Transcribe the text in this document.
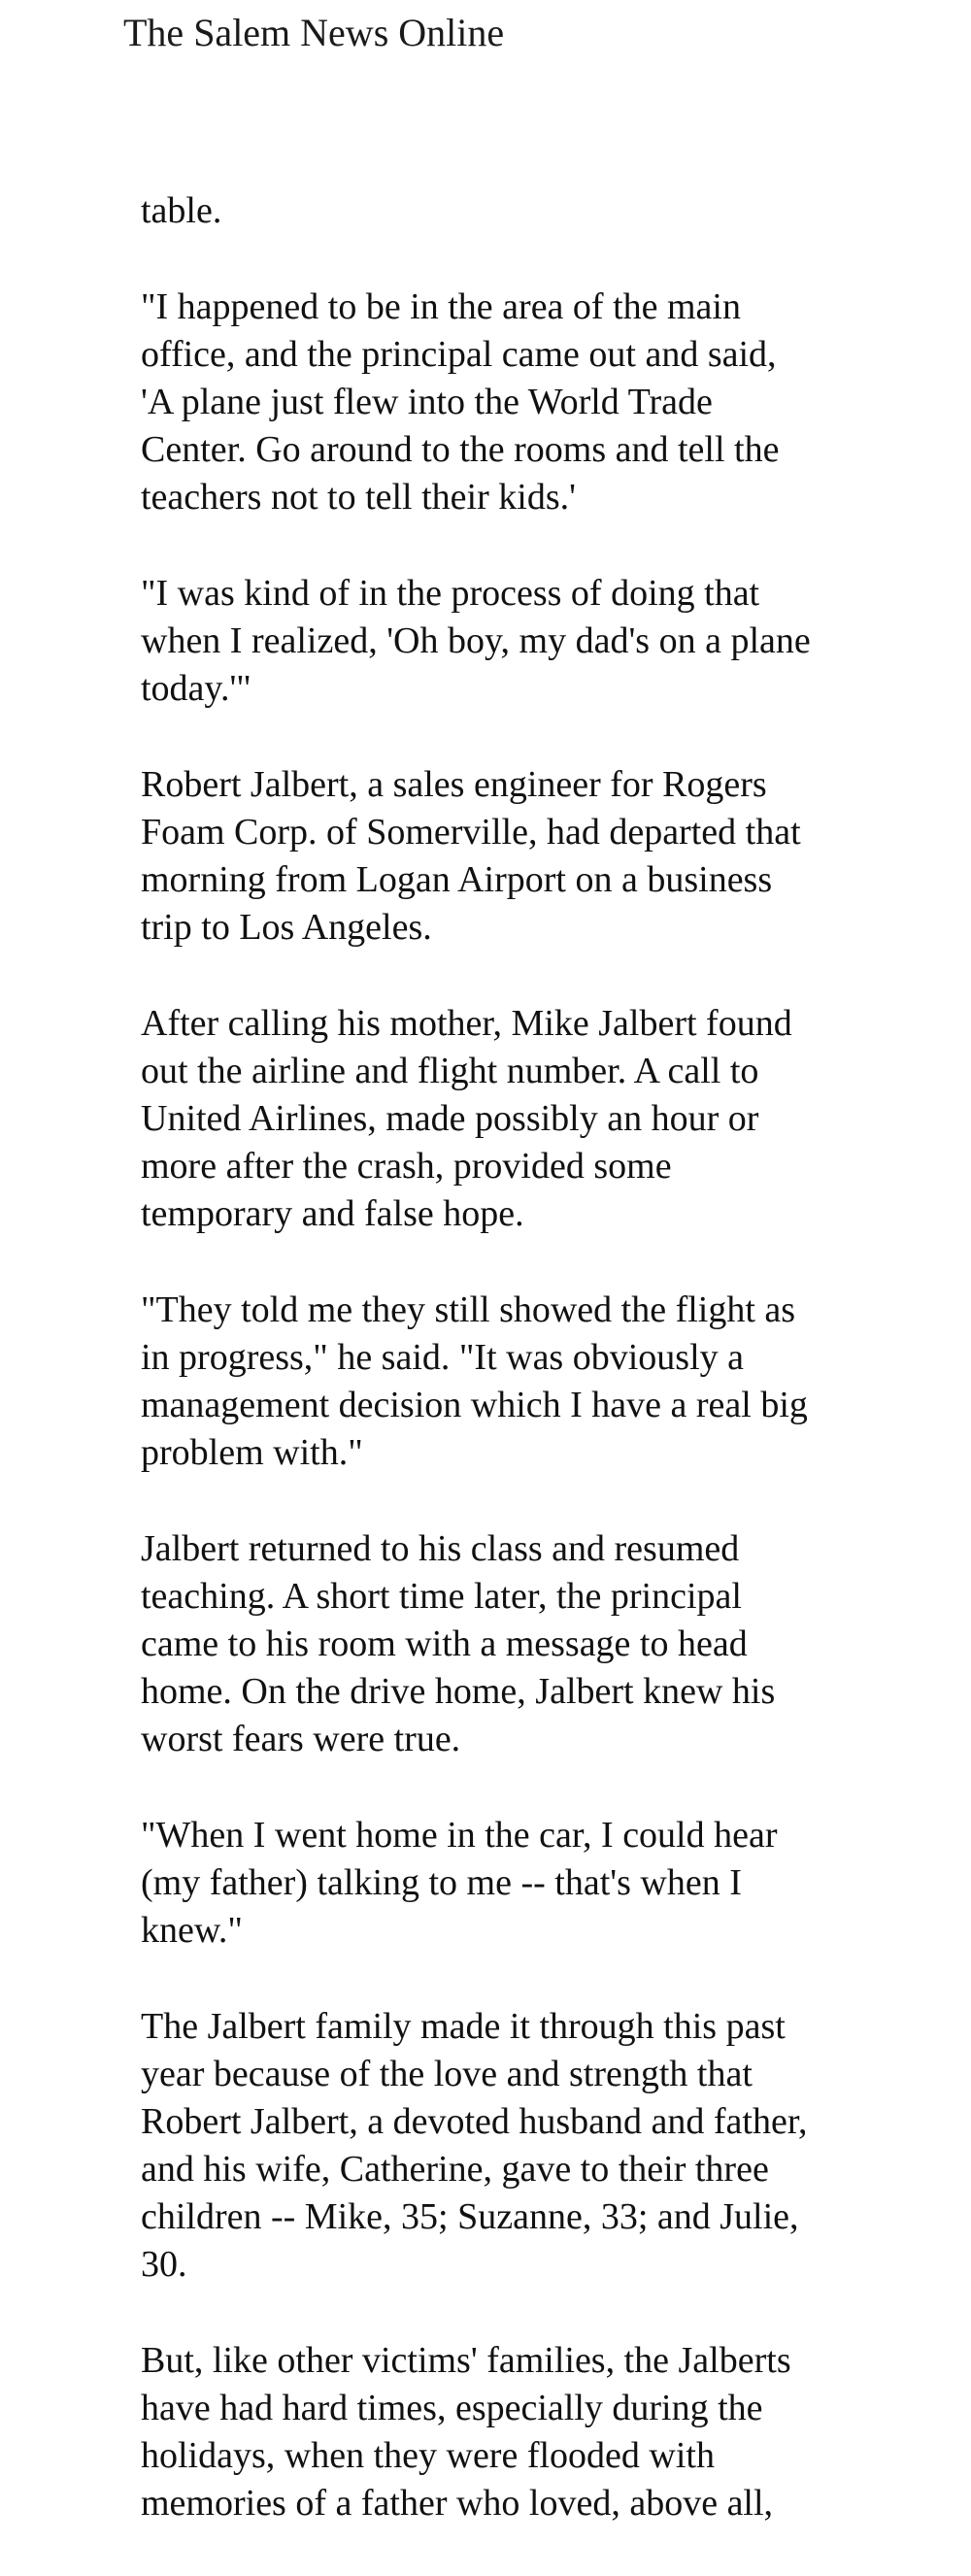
The Salem News Online

table.

"I happened to be in the area of the main
office, and the principal came out and said,
'A plane just flew into the World Trade
Center. Go around to the rooms and tell the
teachers not to tell their kids.'

"I was kind of in the process of doing that
when I realized, 'Oh boy, my dad's on a plane
today.'"

Robert Jalbert, a sales engineer for Rogers
Foam Corp. of Somerville, had departed that
morning from Logan Airport on a business
trip to Los Angeles.

After calling his mother, Mike Jalbert found
out the airline and flight number. A call to
United Airlines, made possibly an hour or
more after the crash, provided some
temporary and false hope.

"They told me they still showed the flight as
in progress," he said. "It was obviously a
management decision which I have a real big
problem with."

Jalbert returned to his class and resumed
teaching. A short time later, the principal
came to his room with a message to head
home. On the drive home, Jalbert knew his
worst fears were true.

"When I went home in the car, I could hear
(my father) talking to me -- that's when I
knew."

The Jalbert family made it through this past
year because of the love and strength that
Robert Jalbert, a devoted husband and father,
and his wife, Catherine, gave to their three
children -- Mike, 35; Suzanne, 33; and Julie,
30.

But, like other victims' families, the Jalberts
have had hard times, especially during the
holidays, when they were flooded with
memories of a father who loved, above all,
